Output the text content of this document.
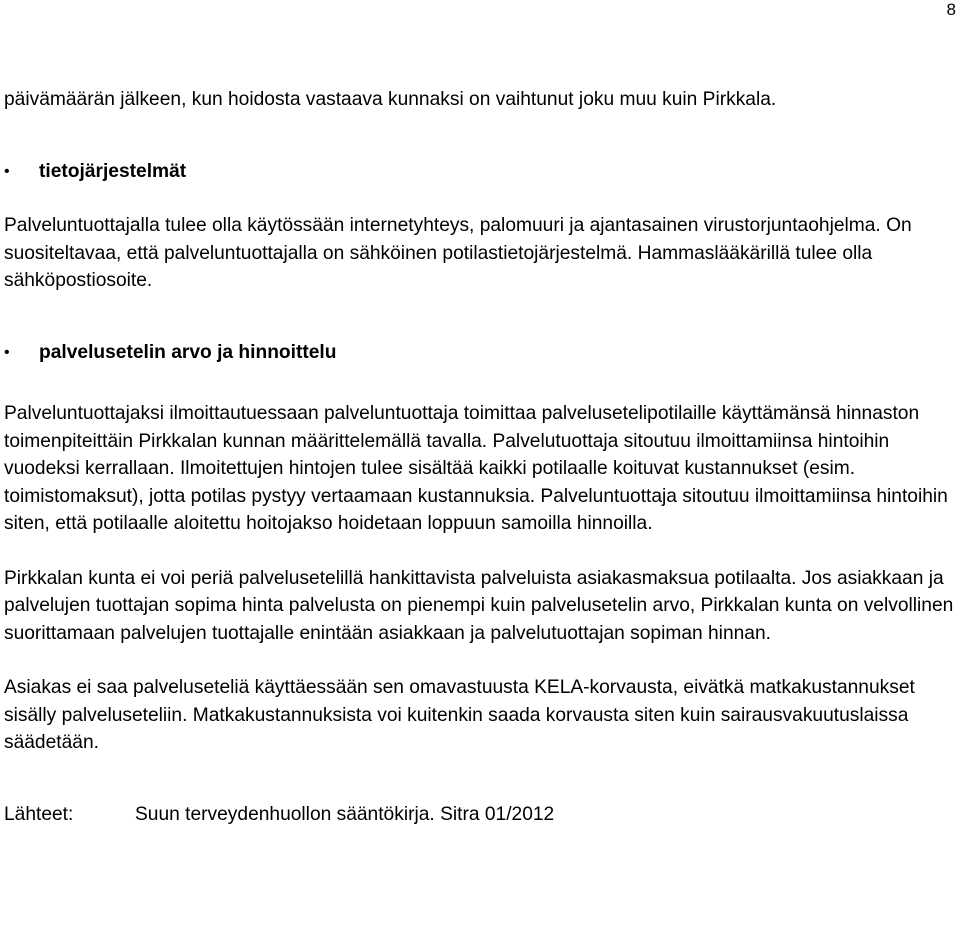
8

päivämäärän jälkeen, kun hoidosta vastaava kunnaksi on vaihtunut joku muu kuin Pirkkala.

•	tietojärjestelmät

Palveluntuottajalla tulee olla käytössään internetyhteys, palomuuri ja ajantasainen virustorjuntaohjelma. On suositeltavaa, että palveluntuottajalla on sähköinen potilastietojärjestelmä. Hammaslääkärillä tulee olla sähköpostiosoite.

•	palvelusetelin arvo ja hinnoittelu

Palveluntuottajaksi ilmoittautuessaan palveluntuottaja toimittaa palvelusetelipotilaille käyttämänsä hinnaston toimenpiteittäin Pirkkalan kunnan määrittelemällä tavalla. Palvelutuottaja sitoutuu ilmoittamiinsa hintoihin vuodeksi kerrallaan. Ilmoitettujen hintojen tulee sisältää kaikki potilaalle koituvat kustannukset (esim. toimistomaksut), jotta potilas pystyy vertaamaan kustannuksia. Palveluntuottaja sitoutuu ilmoittamiinsa hintoihin siten, että potilaalle aloitettu hoitojakso hoidetaan loppuun samoilla hinnoilla.

Pirkkalan kunta ei voi periä palvelusetelillä hankittavista palveluista asiakasmaksua potilaalta. Jos asiakkaan ja palvelujen tuottajan sopima hinta palvelusta on pienempi kuin palvelusetelin arvo, Pirkkalan kunta on velvollinen suorittamaan palvelujen tuottajalle enintään asiakkaan ja palvelutuottajan sopiman hinnan.

Asiakas ei saa palveluseteliä käyttäessään sen omavastuusta KELA-korvausta, eivätkä matkakustannukset sisälly palveluseteliin. Matkakustannuksista voi kuitenkin saada korvausta siten kuin sairausvakuutuslaissa säädetään.

Lähteet:	Suun terveydenhuollon sääntökirja. Sitra 01/2012
